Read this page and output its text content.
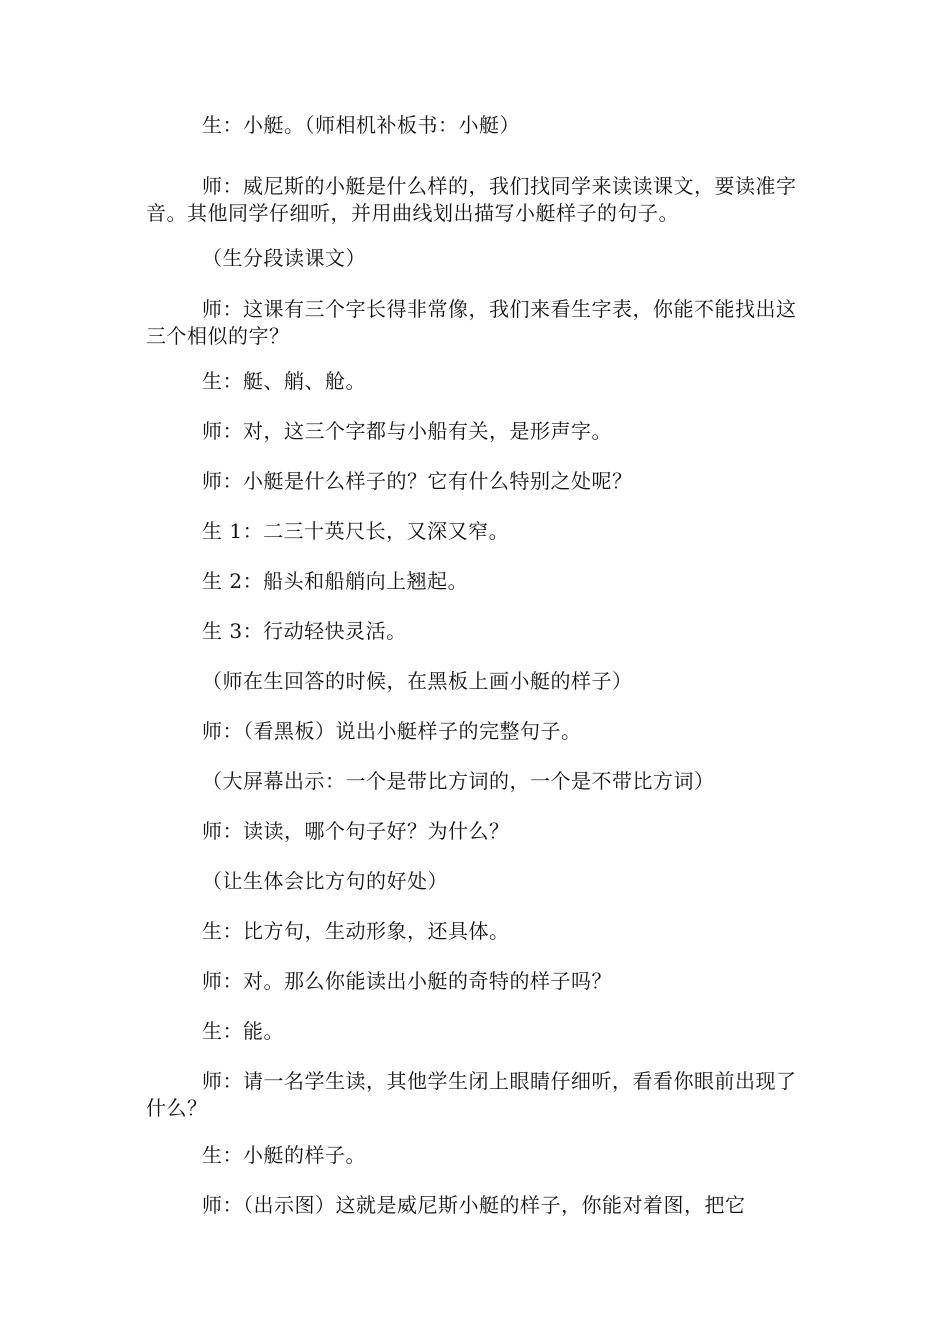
生：小艇。（师相机补板书：小艇）

师：威尼斯的小艇是什么样的，我们找同学来读读课文，要读准字音。其他同学仔细听，并用曲线划出描写小艇样子的句子。

（生分段读课文）

师：这课有三个字长得非常像，我们来看生字表，你能不能找出这三个相似的字？

生：艇、艄、舱。

师：对，这三个字都与小船有关，是形声字。

师：小艇是什么样子的？它有什么特别之处呢？

生 1：二三十英尺长，又深又窄。

生 2：船头和船艄向上翘起。

生 3：行动轻快灵活。

（师在生回答的时候，在黑板上画小艇的样子）

师：（看黑板）说出小艇样子的完整句子。

（大屏幕出示：一个是带比方词的，一个是不带比方词）

师：读读，哪个句子好？为什么？

（让生体会比方句的好处）

生：比方句，生动形象，还具体。

师：对。那么你能读出小艇的奇特的样子吗？

生：能。

师：请一名学生读，其他学生闭上眼睛仔细听，看看你眼前出现了什么？

生：小艇的样子。

师：（出示图）这就是威尼斯小艇的样子，你能对着图，把它
